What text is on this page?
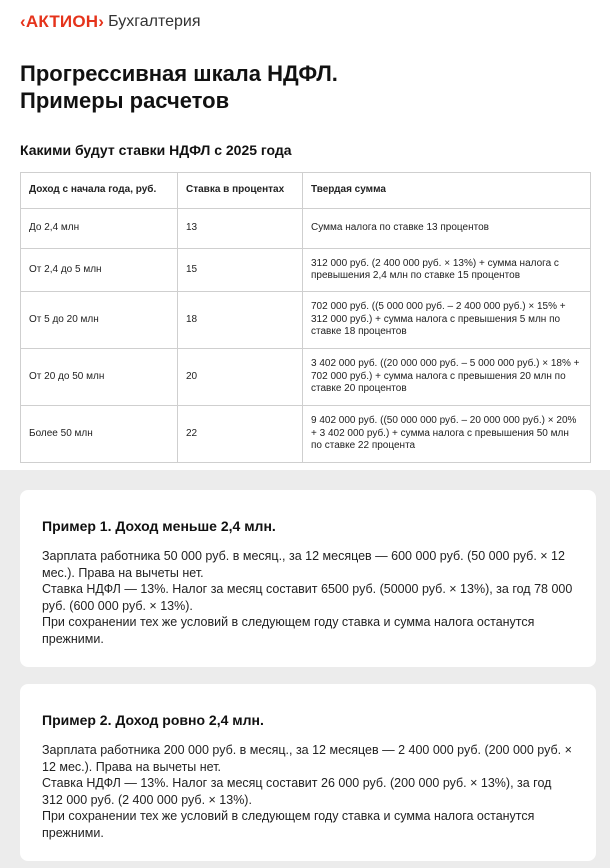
‹АКТИОН› Бухгалтерия
Прогрессивная шкала НДФЛ.
Примеры расчетов
Какими будут ставки НДФЛ с 2025 года
Доход с начала года, руб.	Ставка в процентах	Твердая сумма
До 2,4 млн	13	Сумма налога по ставке 13 процентов
От 2,4 до 5 млн	15	312 000 руб. (2 400 000 руб. × 13%) + сумма налога с превышения 2,4 млн по ставке 15 процентов
От 5 до 20 млн	18	702 000 руб. ((5 000 000 руб. – 2 400 000 руб.) × 15% + 312 000 руб.) + сумма налога с превышения 5 млн по ставке 18 процентов
От 20 до 50 млн	20	3 402 000 руб. ((20 000 000 руб. – 5 000 000 руб.) × 18% + 702 000 руб.) + сумма налога с превышения 20 млн по ставке 20 процентов
Более 50 млн	22	9 402 000 руб. ((50 000 000 руб. – 20 000 000 руб.) × 20% + 3 402 000 руб.) + сумма налога с превышения 50 млн по ставке 22 процента
Пример 1. Доход меньше 2,4 млн.

Зарплата работника 50 000 руб. в месяц., за 12 месяцев — 600 000 руб. (50 000 руб. × 12 мес.). Права на вычеты нет.
Ставка НДФЛ — 13%. Налог за месяц составит 6500 руб. (50000 руб. × 13%), за год 78 000 руб. (600 000 руб. × 13%).
При сохранении тех же условий в следующем году ставка и сумма налога останутся прежними.

Пример 2. Доход ровно 2,4 млн.

Зарплата работника 200 000 руб. в месяц., за 12 месяцев — 2 400 000 руб. (200 000 руб. × 12 мес.). Права на вычеты нет.
Ставка НДФЛ — 13%. Налог за месяц составит 26 000 руб. (200 000 руб. × 13%), за год 312 000 руб. (2 400 000 руб. × 13%).
При сохранении тех же условий в следующем году ставка и сумма налога останутся прежними.
